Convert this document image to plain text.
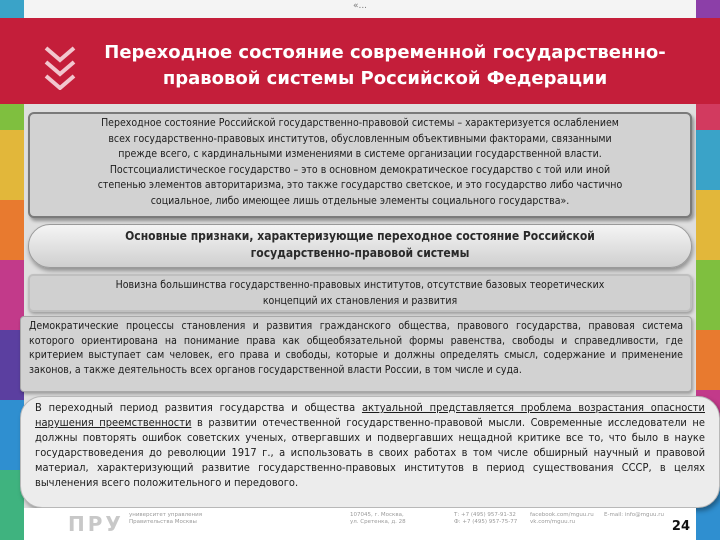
«...
Переходное состояние современной государственно-
правовой системы Российской Федерации
Переходное состояние Российской государственно-правовой системы – характеризуется ослаблением
всех государственно-правовых институтов, обусловленным объективными факторами, связанными
прежде всего, с кардинальными изменениями в системе организации государственной власти.
Постсоциалистическое государство – это в основном демократическое государство с той или иной
степенью элементов авторитаризма, это также государство светское, и это государство либо частично
социальное, либо имеющее лишь отдельные элементы социального государства».
Основные признаки, характеризующие переходное состояние Российской
государственно-правовой системы
Новизна большинства государственно-правовых институтов, отсутствие базовых теоретических
концепций их становления и развития
Демократические процессы становления и развития гражданского общества, правового государства, правовая система которого ориентирована на понимание права как общеобязательной формы равенства, свободы и справедливости, где критерием выступает сам человек, его права и свободы, которые и должны определять смысл, содержание и применение законов, а также деятельность всех органов государственной власти России, в том числе и суда.
В переходный период развития государства и общества актуальной представляется проблема возрастания опасности нарушения преемственности в развитии отечественной государственно-правовой мысли. Современные исследователи не должны повторять ошибок советских ученых, отвергавших и подвергавших нещадной критике все то, что было в науке государствоведения до революции 1917 г., а использовать в своих работах в том числе обширный научный и правовой материал, характеризующий развитие государственно-правовых институтов в период существования СССР, в целях вычленения всего положительного и передового.
ПРУ университет управления
Правительства Москвы
107045, г. Москва,
ул. Сретенка, д. 28
Т: +7 (495) 957-91-32
Ф: +7 (495) 957-75-77
facebook.com/mguu.ru
vk.com/mguu.ru
E-mail: info@mguu.ru
24
